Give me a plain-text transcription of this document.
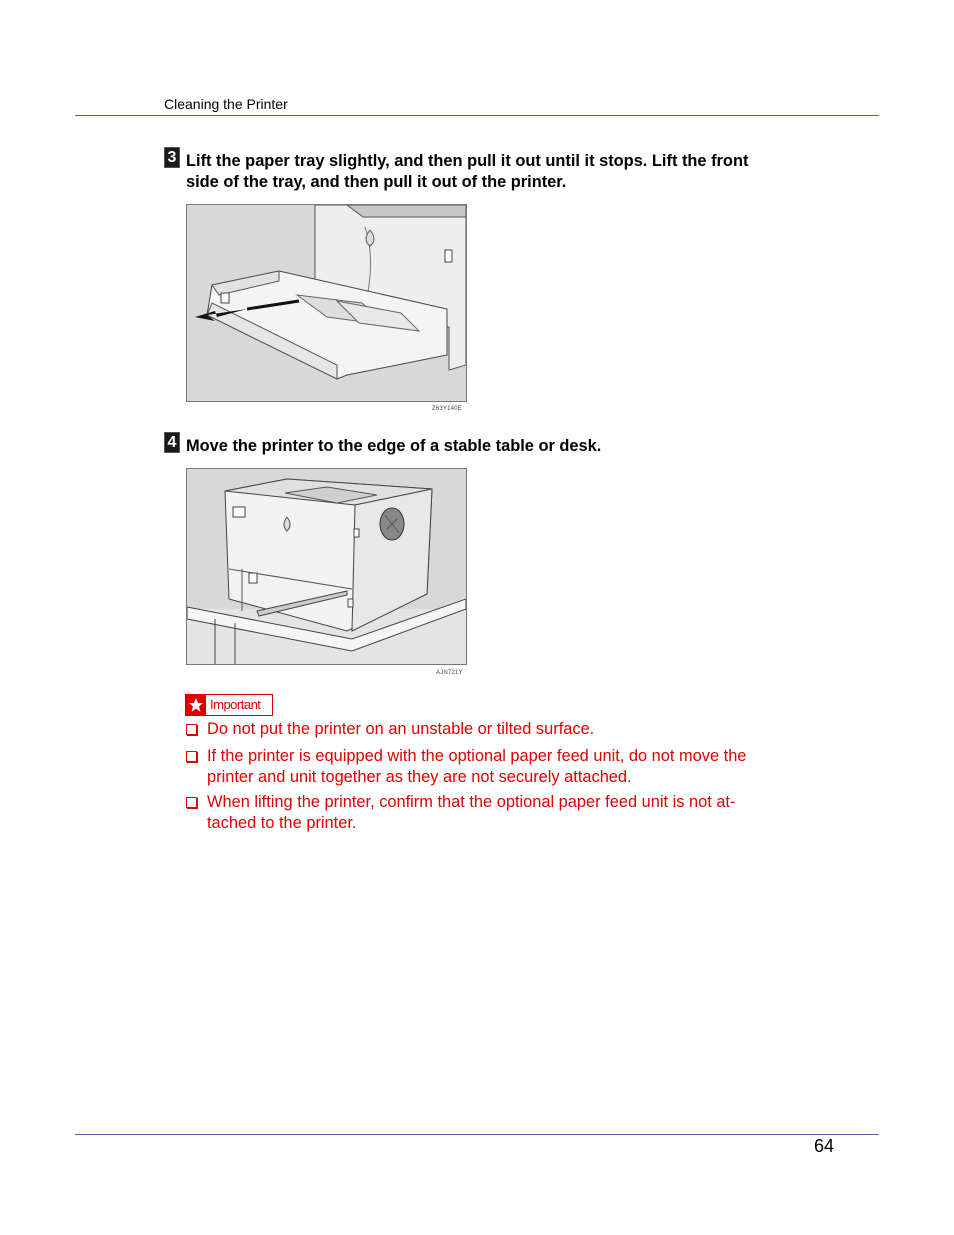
Cleaning the Printer
3 Lift the paper tray slightly, and then pull it out until it stops. Lift the front
side of the tray, and then pull it out of the printer.
Z63Y140E
4 Move the printer to the edge of a stable table or desk.
AJN721Y
Important
Do not put the printer on an unstable or tilted surface.
If the printer is equipped with the optional paper feed unit, do not move the
printer and unit together as they are not securely attached.
When lifting the printer, confirm that the optional paper feed unit is not at-
tached to the printer.
64
